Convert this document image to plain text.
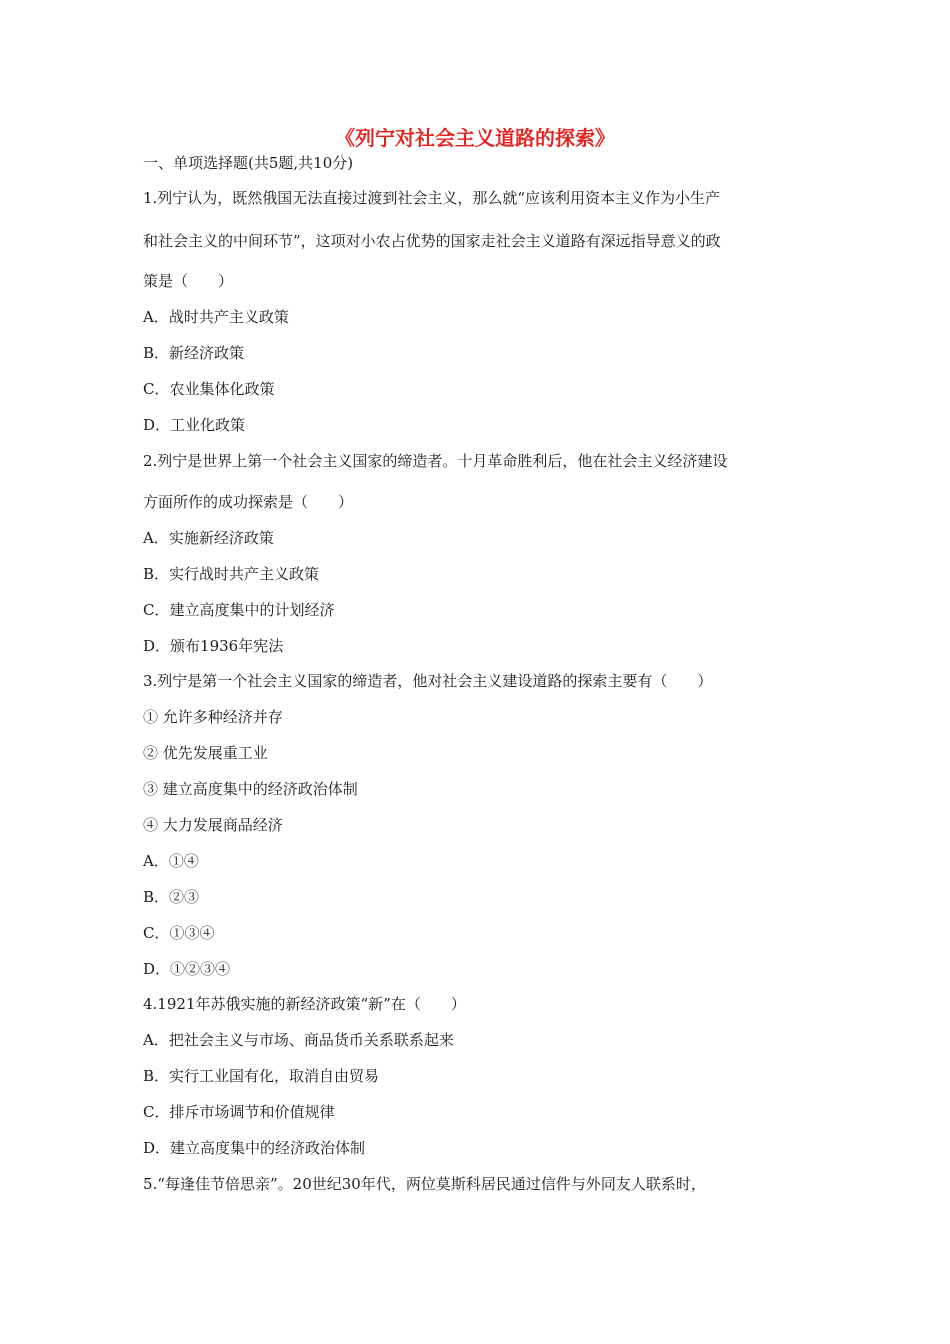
《列宁对社会主义道路的探索》
一、单项选择题(共5题,共10分)
1.列宁认为，既然俄国无法直接过渡到社会主义，那么就“应该利用资本主义作为小生产
和社会主义的中间环节”，这项对小农占优势的国家走社会主义道路有深远指导意义的政
策是（　　）
A．战时共产主义政策
B．新经济政策
C．农业集体化政策
D．工业化政策
2.列宁是世界上第一个社会主义国家的缔造者。十月革命胜利后，他在社会主义经济建设
方面所作的成功探索是（　　）
A．实施新经济政策
B．实行战时共产主义政策
C．建立高度集中的计划经济
D．颁布1936年宪法
3.列宁是第一个社会主义国家的缔造者，他对社会主义建设道路的探索主要有（　　）
① 允许多种经济并存
② 优先发展重工业
③ 建立高度集中的经济政治体制
④ 大力发展商品经济
A．①④
B．②③
C．①③④
D．①②③④
4.1921年苏俄实施的新经济政策“新”在（　　）
A．把社会主义与市场、商品货币关系联系起来
B．实行工业国有化，取消自由贸易
C．排斥市场调节和价值规律
D．建立高度集中的经济政治体制
5.“每逢佳节倍思亲”。20世纪30年代，两位莫斯科居民通过信件与外同友人联系时，
